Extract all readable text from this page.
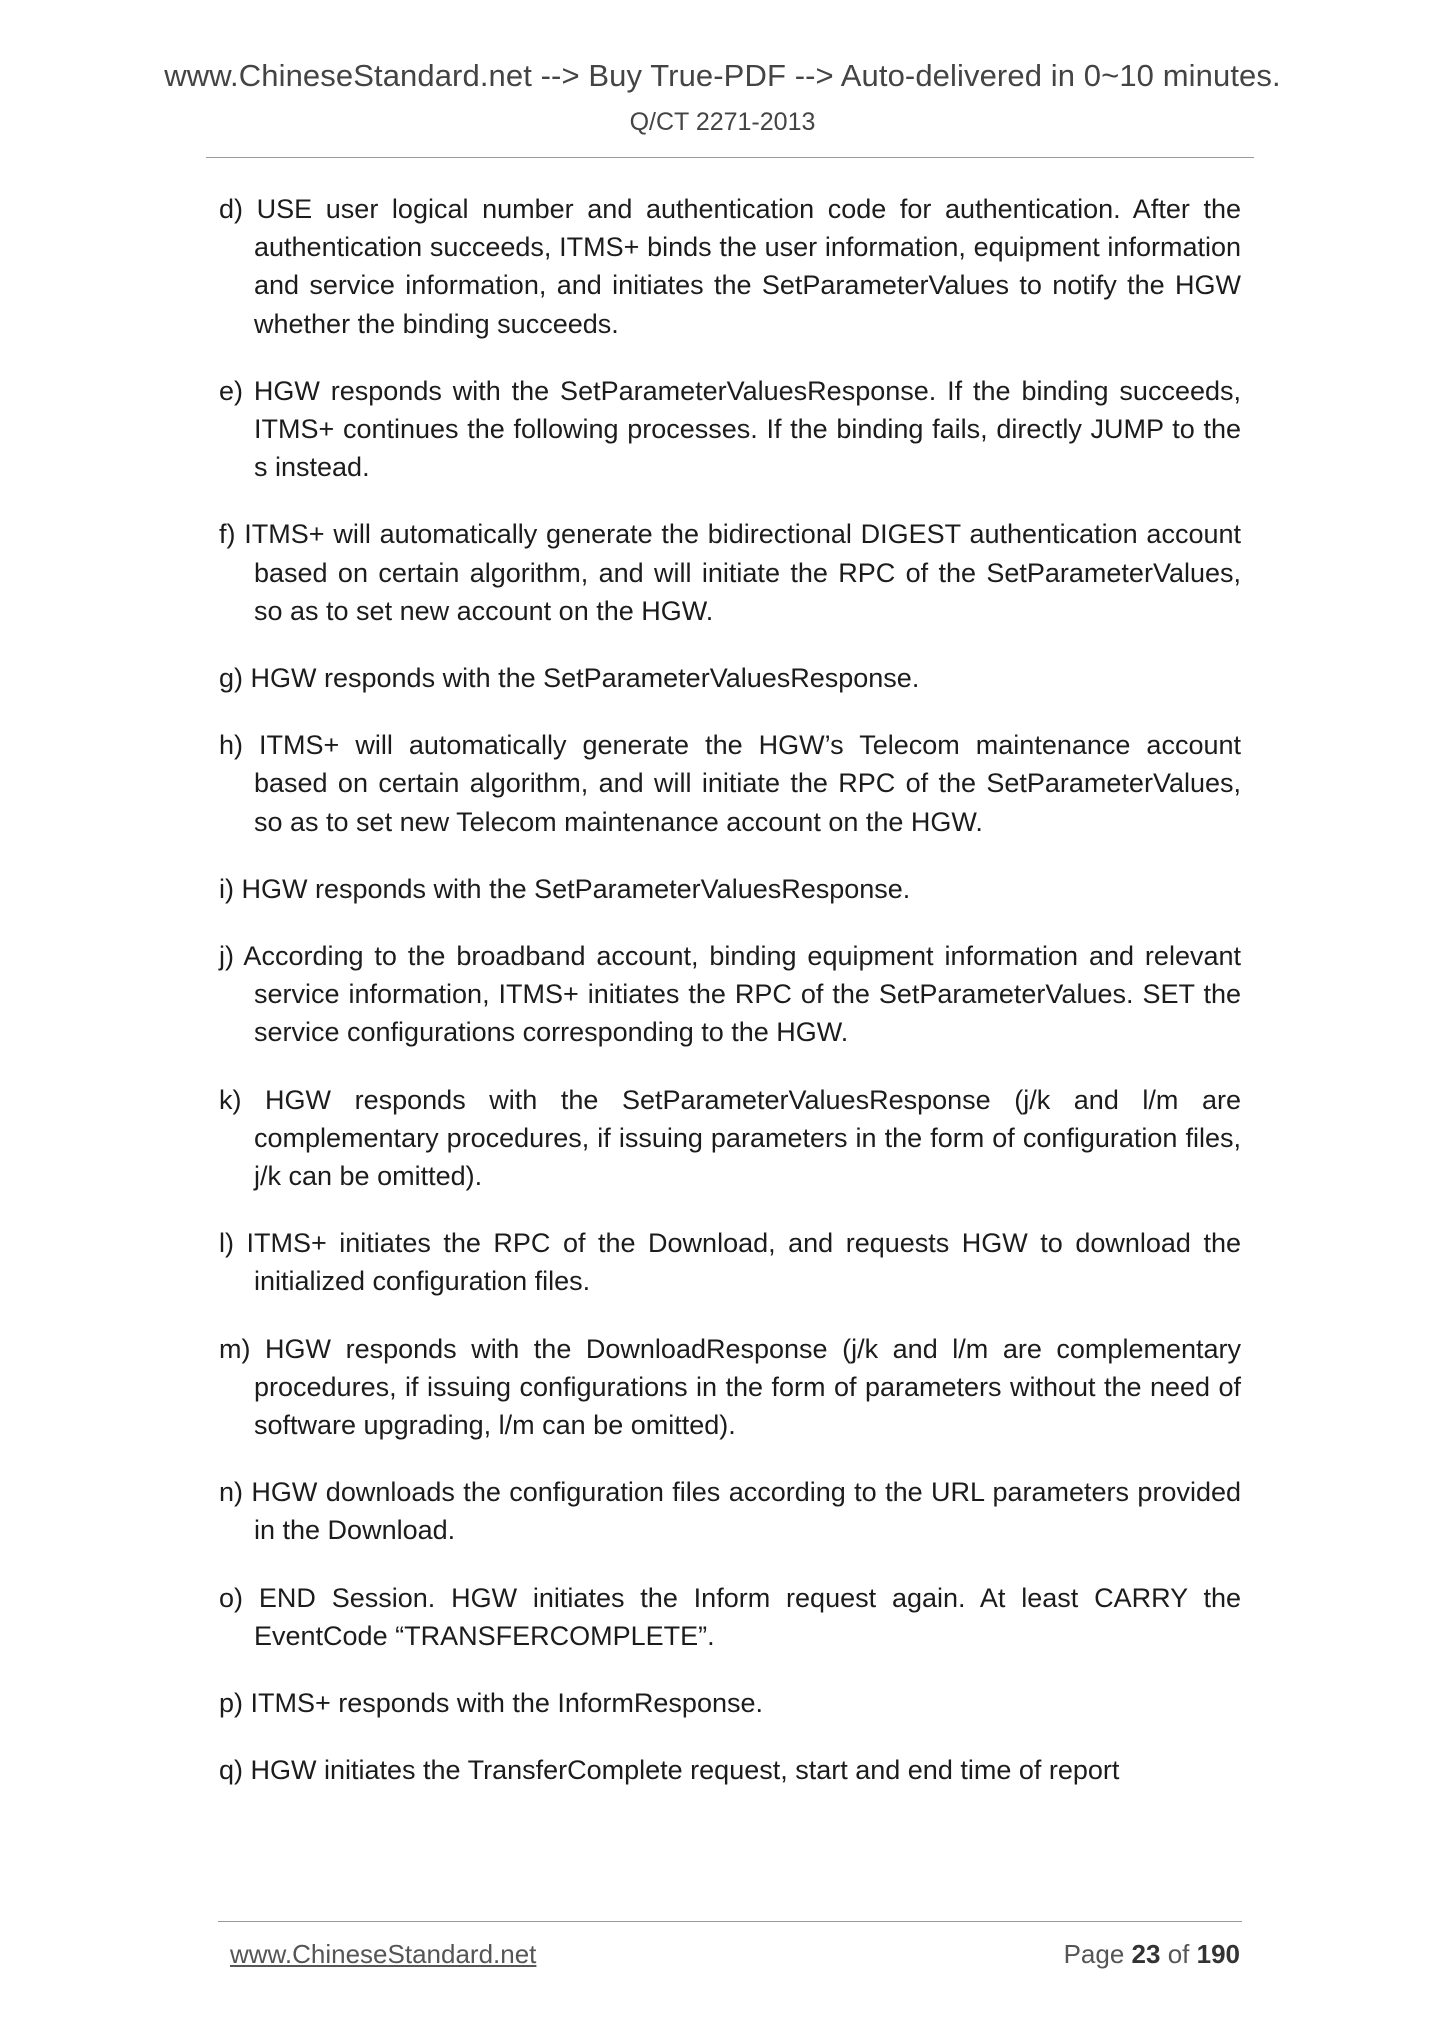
www.ChineseStandard.net --> Buy True-PDF --> Auto-delivered in 0~10 minutes.
Q/CT 2271-2013
d) USE user logical number and authentication code for authentication. After the authentication succeeds, ITMS+ binds the user information, equipment information and service information, and initiates the SetParameterValues to notify the HGW whether the binding succeeds.
e) HGW responds with the SetParameterValuesResponse. If the binding succeeds, ITMS+ continues the following processes. If the binding fails, directly JUMP to the s instead.
f) ITMS+ will automatically generate the bidirectional DIGEST authentication account based on certain algorithm, and will initiate the RPC of the SetParameterValues, so as to set new account on the HGW.
g) HGW responds with the SetParameterValuesResponse.
h) ITMS+ will automatically generate the HGW’s Telecom maintenance account based on certain algorithm, and will initiate the RPC of the SetParameterValues, so as to set new Telecom maintenance account on the HGW.
i) HGW responds with the SetParameterValuesResponse.
j) According to the broadband account, binding equipment information and relevant service information, ITMS+ initiates the RPC of the SetParameterValues. SET the service configurations corresponding to the HGW.
k) HGW responds with the SetParameterValuesResponse (j/k and l/m are complementary procedures, if issuing parameters in the form of configuration files, j/k can be omitted).
l) ITMS+ initiates the RPC of the Download, and requests HGW to download the initialized configuration files.
m) HGW responds with the DownloadResponse (j/k and l/m are complementary procedures, if issuing configurations in the form of parameters without the need of software upgrading, l/m can be omitted).
n) HGW downloads the configuration files according to the URL parameters provided in the Download.
o) END Session. HGW initiates the Inform request again. At least CARRY the EventCode “TRANSFERCOMPLETE”.
p) ITMS+ responds with the InformResponse.
q) HGW initiates the TransferComplete request, start and end time of report
www.ChineseStandard.net	Page 23 of 190
